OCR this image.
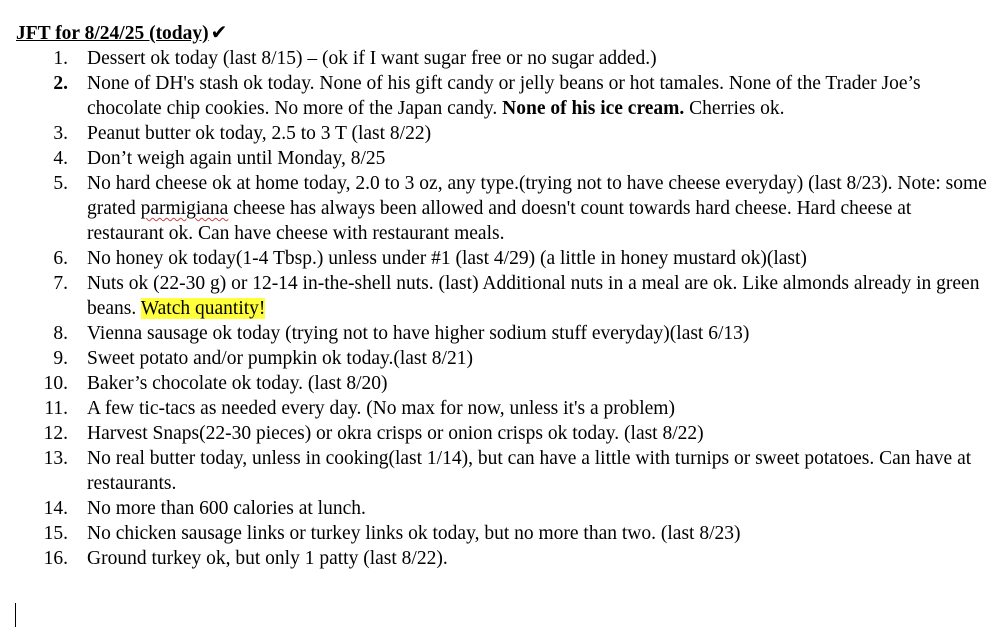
JFT for 8/24/25 (today) ✔

1. Dessert ok today (last 8/15) – (ok if I want sugar free or no sugar added.)
2. None of DH's stash ok today. None of his gift candy or jelly beans or hot tamales. None of the Trader Joe’s chocolate chip cookies. No more of the Japan candy. None of his ice cream. Cherries ok.
3. Peanut butter ok today, 2.5 to 3 T (last 8/22)
4. Don’t weigh again until Monday, 8/25
5. No hard cheese ok at home today, 2.0 to 3 oz, any type.(trying not to have cheese everyday) (last 8/23). Note: some grated parmigiana cheese has always been allowed and doesn't count towards hard cheese. Hard cheese at restaurant ok. Can have cheese with restaurant meals.
6. No honey ok today(1-4 Tbsp.) unless under #1 (last 4/29) (a little in honey mustard ok)(last)
7. Nuts ok (22-30 g) or 12-14 in-the-shell nuts. (last) Additional nuts in a meal are ok. Like almonds already in green beans. Watch quantity!
8. Vienna sausage ok today (trying not to have higher sodium stuff everyday)(last 6/13)
9. Sweet potato and/or pumpkin ok today.(last 8/21)
10. Baker’s chocolate ok today. (last 8/20)
11. A few tic-tacs as needed every day. (No max for now, unless it's a problem)
12. Harvest Snaps(22-30 pieces) or okra crisps or onion crisps ok today. (last 8/22)
13. No real butter today, unless in cooking(last 1/14), but can have a little with turnips or sweet potatoes. Can have at restaurants.
14. No more than 600 calories at lunch.
15. No chicken sausage links or turkey links ok today, but no more than two. (last 8/23)
16. Ground turkey ok, but only 1 patty (last 8/22).
